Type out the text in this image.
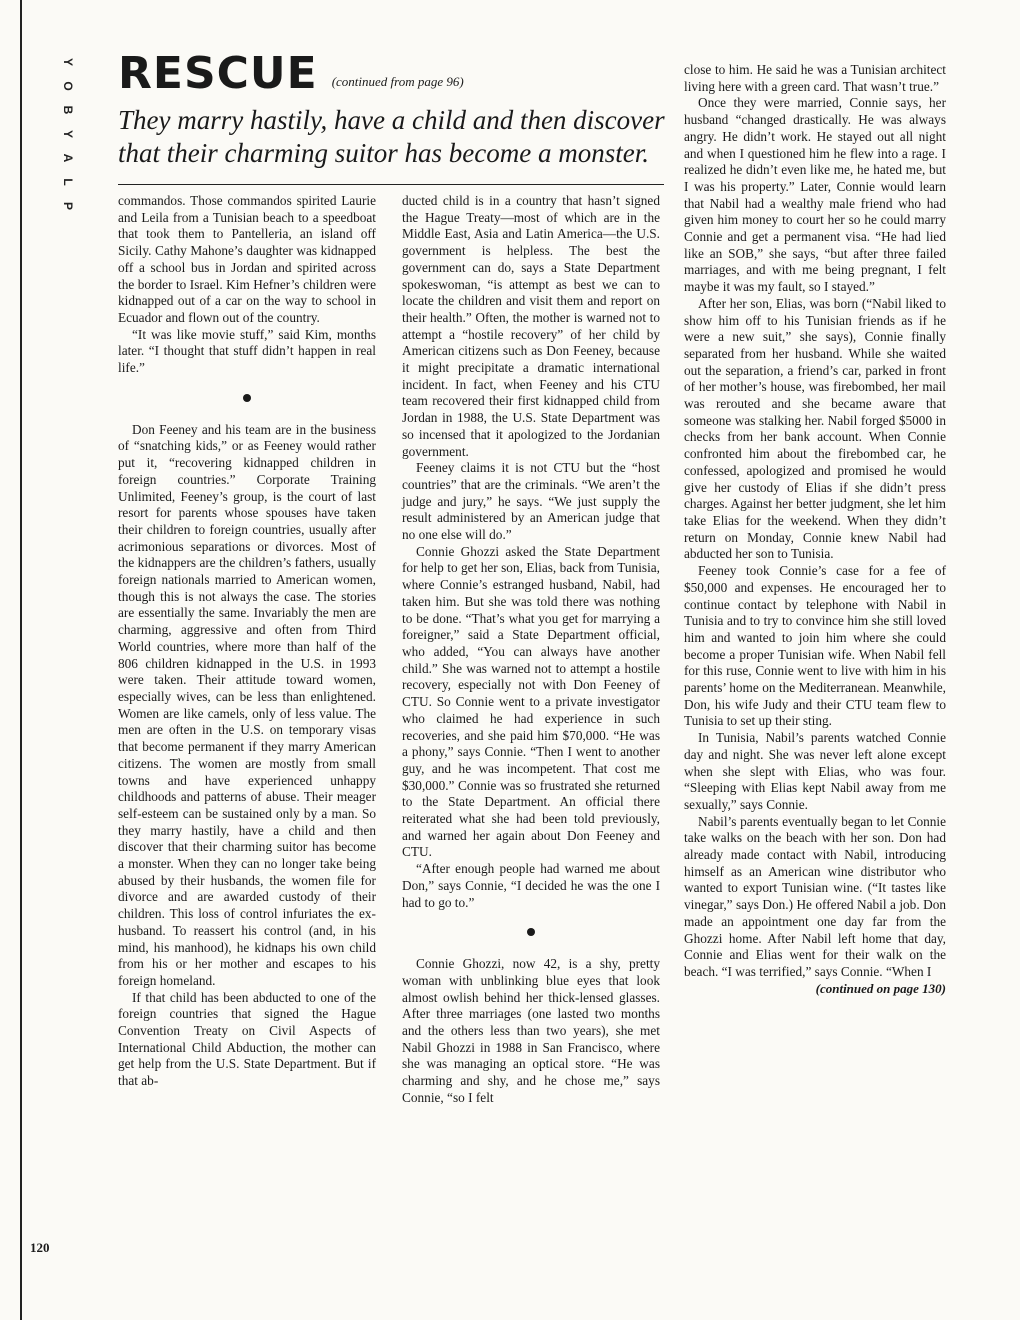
Y
O
B
Y
A
L
P
RESCUE (continued from page 96)
They marry hastily, have a child and then discover that their charming suitor has become a monster.

commandos. Those commandos spirited Laurie and Leila from a Tunisian beach to a speedboat that took them to Pantelleria, an island off Sicily. Cathy Mahone’s daughter was kidnapped off a school bus in Jordan and spirited across the border to Israel. Kim Hefner’s children were kidnapped out of a car on the way to school in Ecuador and flown out of the country.

“It was like movie stuff,” said Kim, months later. “I thought that stuff didn’t happen in real life.”

Don Feeney and his team are in the business of “snatching kids,” or as Feeney would rather put it, “recovering kidnapped children in foreign countries.” Corporate Training Unlimited, Feeney’s group, is the court of last resort for parents whose spouses have taken their children to foreign countries, usually after acrimonious separations or divorces. Most of the kidnappers are the children’s fathers, usually foreign nationals married to American women, though this is not always the case. The stories are essentially the same. Invariably the men are charming, aggressive and often from Third World countries, where more than half of the 806 children kidnapped in the U.S. in 1993 were taken. Their attitude toward women, especially wives, can be less than enlightened. Women are like camels, only of less value. The men are often in the U.S. on temporary visas that become permanent if they marry American citizens. The women are mostly from small towns and have experienced unhappy childhoods and patterns of abuse. Their meager self-esteem can be sustained only by a man. So they marry hastily, have a child and then discover that their charming suitor has become a monster. When they can no longer take being abused by their husbands, the women file for divorce and are awarded custody of their children. This loss of control infuriates the ex-husband. To reassert his control (and, in his mind, his manhood), he kidnaps his own child from his or her mother and escapes to his foreign homeland.

If that child has been abducted to one of the foreign countries that signed the Hague Convention Treaty on Civil Aspects of International Child Abduction, the mother can get help from the U.S. State Department. But if that ab-

ducted child is in a country that hasn’t signed the Hague Treaty—most of which are in the Middle East, Asia and Latin America—the U.S. government is helpless. The best the government can do, says a State Department spokeswoman, “is attempt as best we can to locate the children and visit them and report on their health.” Often, the mother is warned not to attempt a “hostile recovery” of her child by American citizens such as Don Feeney, because it might precipitate a dramatic international incident. In fact, when Feeney and his CTU team recovered their first kidnapped child from Jordan in 1988, the U.S. State Department was so incensed that it apologized to the Jordanian government.

Feeney claims it is not CTU but the “host countries” that are the criminals. “We aren’t the judge and jury,” he says. “We just supply the result administered by an American judge that no one else will do.”

Connie Ghozzi asked the State Department for help to get her son, Elias, back from Tunisia, where Connie’s estranged husband, Nabil, had taken him. But she was told there was nothing to be done. “That’s what you get for marrying a foreigner,” said a State Department official, who added, “You can always have another child.” She was warned not to attempt a hostile recovery, especially not with Don Feeney of CTU. So Connie went to a private investigator who claimed he had experience in such recoveries, and she paid him $70,000. “He was a phony,” says Connie. “Then I went to another guy, and he was incompetent. That cost me $30,000.” Connie was so frustrated she returned to the State Department. An official there reiterated what she had been told previously, and warned her again about Don Feeney and CTU.

“After enough people had warned me about Don,” says Connie, “I decided he was the one I had to go to.”

Connie Ghozzi, now 42, is a shy, pretty woman with unblinking blue eyes that look almost owlish behind her thick-lensed glasses. After three marriages (one lasted two months and the others less than two years), she met Nabil Ghozzi in 1988 in San Francisco, where she was managing an optical store. “He was charming and shy, and he chose me,” says Connie, “so I felt

close to him. He said he was a Tunisian architect living here with a green card. That wasn’t true.”

Once they were married, Connie says, her husband “changed drastically. He was always angry. He didn’t work. He stayed out all night and when I questioned him he flew into a rage. I realized he didn’t even like me, he hated me, but I was his property.” Later, Connie would learn that Nabil had a wealthy male friend who had given him money to court her so he could marry Connie and get a permanent visa. “He had lied like an SOB,” she says, “but after three failed marriages, and with me being pregnant, I felt maybe it was my fault, so I stayed.”

After her son, Elias, was born (“Nabil liked to show him off to his Tunisian friends as if he were a new suit,” she says), Connie finally separated from her husband. While she waited out the separation, a friend’s car, parked in front of her mother’s house, was firebombed, her mail was rerouted and she became aware that someone was stalking her. Nabil forged $5000 in checks from her bank account. When Connie confronted him about the firebombed car, he confessed, apologized and promised he would give her custody of Elias if she didn’t press charges. Against her better judgment, she let him take Elias for the weekend. When they didn’t return on Monday, Connie knew Nabil had abducted her son to Tunisia.

Feeney took Connie’s case for a fee of $50,000 and expenses. He encouraged her to continue contact by telephone with Nabil in Tunisia and to try to convince him she still loved him and wanted to join him where she could become a proper Tunisian wife. When Nabil fell for this ruse, Connie went to live with him in his parents’ home on the Mediterranean. Meanwhile, Don, his wife Judy and their CTU team flew to Tunisia to set up their sting.

In Tunisia, Nabil’s parents watched Connie day and night. She was never left alone except when she slept with Elias, who was four. “Sleeping with Elias kept Nabil away from me sexually,” says Connie.

Nabil’s parents eventually began to let Connie take walks on the beach with her son. Don had already made contact with Nabil, introducing himself as an American wine distributor who wanted to export Tunisian wine. (“It tastes like vinegar,” says Don.) He offered Nabil a job. Don made an appointment one day far from the Ghozzi home. After Nabil left home that day, Connie and Elias went for their walk on the beach. “I was terrified,” says Connie. “When I

(continued on page 130)
120
